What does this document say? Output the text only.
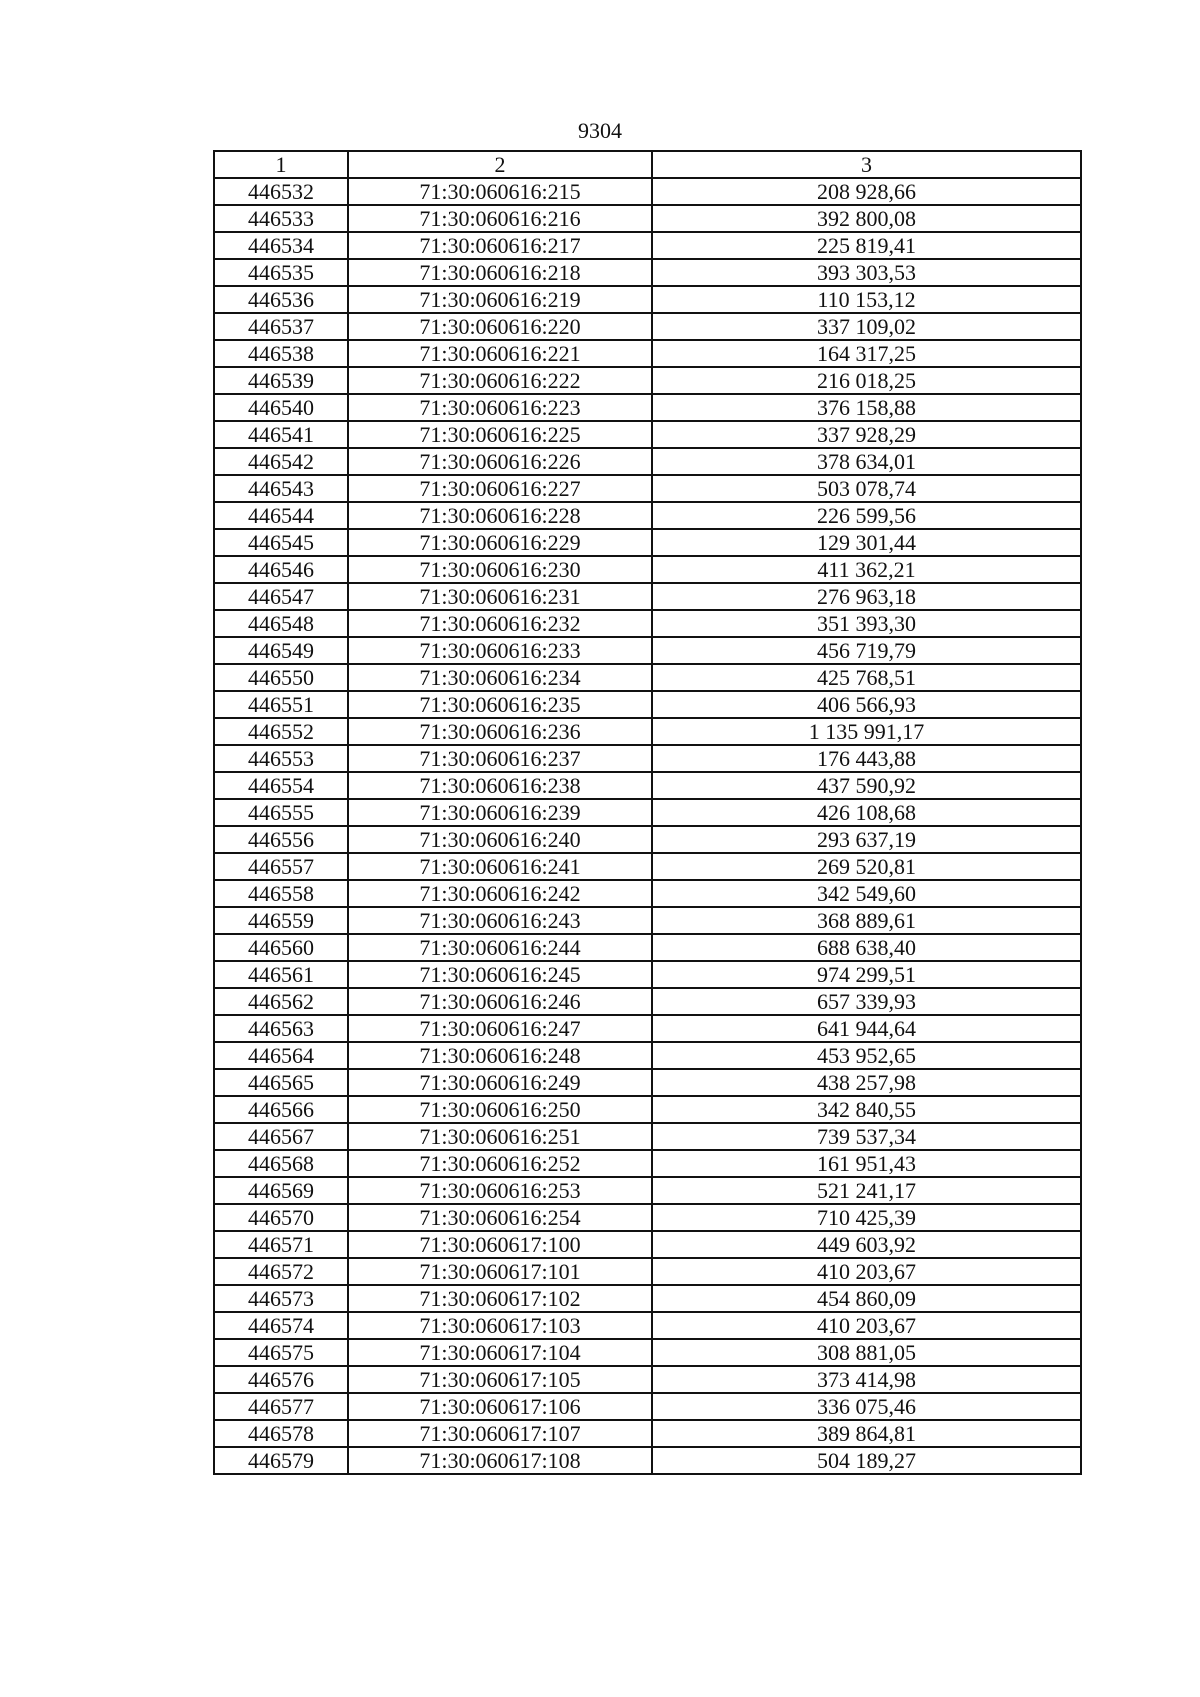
9304
1	2	3
446532	71:30:060616:215	208 928,66
446533	71:30:060616:216	392 800,08
446534	71:30:060616:217	225 819,41
446535	71:30:060616:218	393 303,53
446536	71:30:060616:219	110 153,12
446537	71:30:060616:220	337 109,02
446538	71:30:060616:221	164 317,25
446539	71:30:060616:222	216 018,25
446540	71:30:060616:223	376 158,88
446541	71:30:060616:225	337 928,29
446542	71:30:060616:226	378 634,01
446543	71:30:060616:227	503 078,74
446544	71:30:060616:228	226 599,56
446545	71:30:060616:229	129 301,44
446546	71:30:060616:230	411 362,21
446547	71:30:060616:231	276 963,18
446548	71:30:060616:232	351 393,30
446549	71:30:060616:233	456 719,79
446550	71:30:060616:234	425 768,51
446551	71:30:060616:235	406 566,93
446552	71:30:060616:236	1 135 991,17
446553	71:30:060616:237	176 443,88
446554	71:30:060616:238	437 590,92
446555	71:30:060616:239	426 108,68
446556	71:30:060616:240	293 637,19
446557	71:30:060616:241	269 520,81
446558	71:30:060616:242	342 549,60
446559	71:30:060616:243	368 889,61
446560	71:30:060616:244	688 638,40
446561	71:30:060616:245	974 299,51
446562	71:30:060616:246	657 339,93
446563	71:30:060616:247	641 944,64
446564	71:30:060616:248	453 952,65
446565	71:30:060616:249	438 257,98
446566	71:30:060616:250	342 840,55
446567	71:30:060616:251	739 537,34
446568	71:30:060616:252	161 951,43
446569	71:30:060616:253	521 241,17
446570	71:30:060616:254	710 425,39
446571	71:30:060617:100	449 603,92
446572	71:30:060617:101	410 203,67
446573	71:30:060617:102	454 860,09
446574	71:30:060617:103	410 203,67
446575	71:30:060617:104	308 881,05
446576	71:30:060617:105	373 414,98
446577	71:30:060617:106	336 075,46
446578	71:30:060617:107	389 864,81
446579	71:30:060617:108	504 189,27
